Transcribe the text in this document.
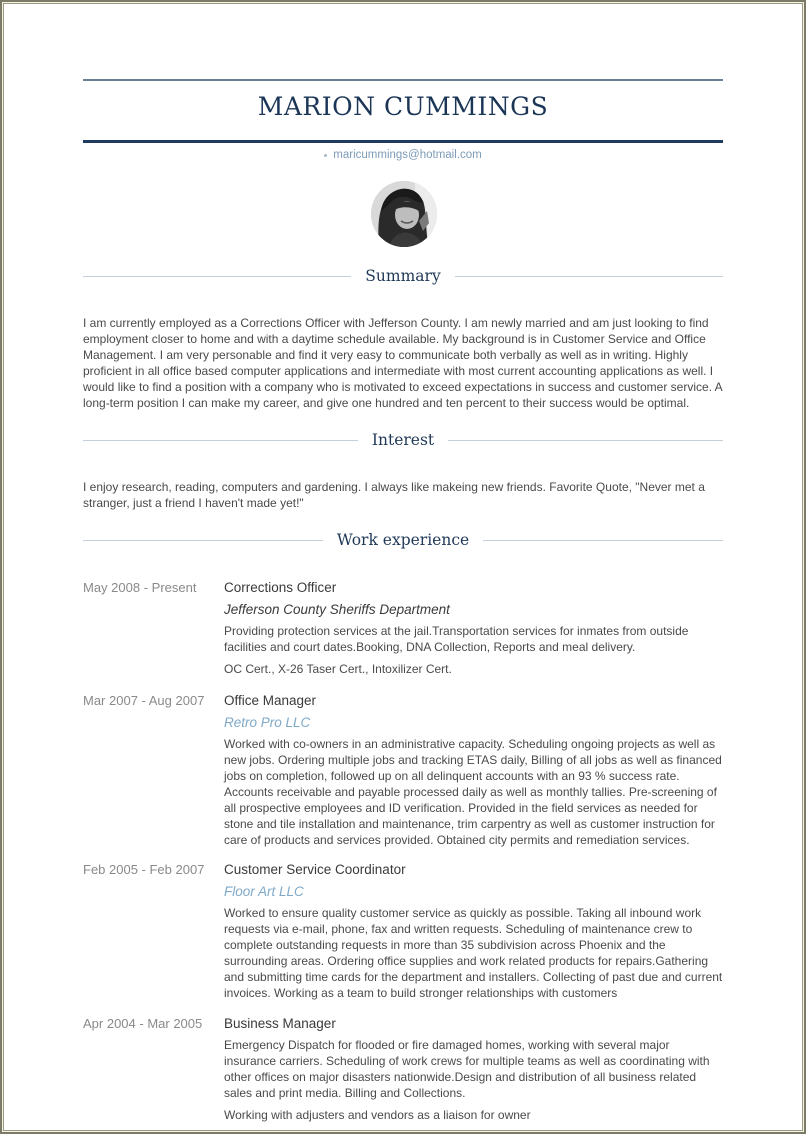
MARION CUMMINGS
maricummings@hotmail.com
Summary

I am currently employed as a Corrections Officer with Jefferson County. I am newly married and am just looking to find employment closer to home and with a daytime schedule available. My background is in Customer Service and Office Management. I am very personable and find it very easy to communicate both verbally as well as in writing. Highly proficient in all office based computer applications and intermediate with most current accounting applications as well. I would like to find a position with a company who is motivated to exceed expectations in success and customer service. A long-term position I can make my career, and give one hundred and ten percent to their success would be optimal.

Interest

I enjoy research, reading, computers and gardening. I always like makeing new friends. Favorite Quote, "Never met a stranger, just a friend I haven't made yet!"

Work experience
May 2008 - Present	Corrections Officer
Jefferson County Sheriffs Department
Providing protection services at the jail.Transportation services for inmates from outside facilities and court dates.Booking, DNA Collection, Reports and meal delivery.
OC Cert., X-26 Taser Cert., Intoxilizer Cert.
Mar 2007 - Aug 2007	Office Manager
Retro Pro LLC
Worked with co-owners in an administrative capacity. Scheduling ongoing projects as well as new jobs. Ordering multiple jobs and tracking ETAS daily, Billing of all jobs as well as financed jobs on completion, followed up on all delinquent accounts with an 93 % success rate. Accounts receivable and payable processed daily as well as monthly tallies. Pre-screening of all prospective employees and ID verification. Provided in the field services as needed for stone and tile installation and maintenance, trim carpentry as well as customer instruction for care of products and services provided. Obtained city permits and remediation services.
Feb 2005 - Feb 2007	Customer Service Coordinator
Floor Art LLC
Worked to ensure quality customer service as quickly as possible. Taking all inbound work requests via e-mail, phone, fax and written requests. Scheduling of maintenance crew to complete outstanding requests in more than 35 subdivision across Phoenix and the surrounding areas. Ordering office supplies and work related products for repairs.Gathering and submitting time cards for the department and installers. Collecting of past due and current invoices. Working as a team to build stronger relationships with customers
Apr 2004 - Mar 2005	Business Manager
Emergency Dispatch for flooded or fire damaged homes, working with several major insurance carriers. Scheduling of work crews for multiple teams as well as coordinating with other offices on major disasters nationwide.Design and distribution of all business related sales and print media. Billing and Collections.
Working with adjusters and vendors as a liaison for owner
